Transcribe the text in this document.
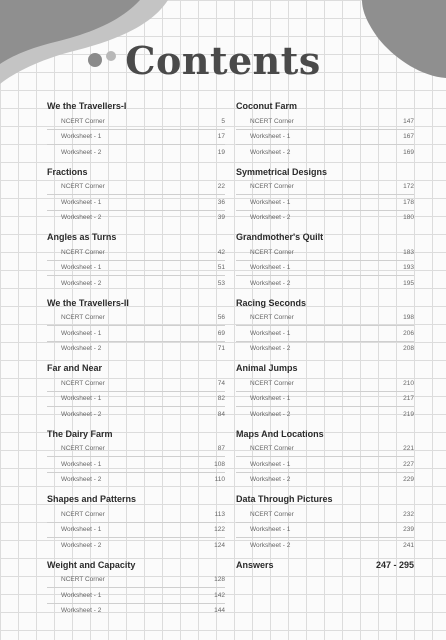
Contents
We the Travellers-I
NCERT Corner	5
Worksheet - 1	17
Worksheet - 2	19
Fractions
NCERT Corner	22
Worksheet - 1	36
Worksheet - 2	39
Angles as Turns
NCERT Corner	42
Worksheet - 1	51
Worksheet - 2	53
We the Travellers-II
NCERT Corner	56
Worksheet - 1	69
Worksheet - 2	71
Far and Near
NCERT Corner	74
Worksheet - 1	82
Worksheet - 2	84
The Dairy Farm
NCERT Corner	87
Worksheet - 1	108
Worksheet - 2	110
Shapes and Patterns
NCERT Corner	113
Worksheet - 1	122
Worksheet - 2	124
Weight and Capacity
NCERT Corner	128
Worksheet - 1	142
Worksheet - 2	144
Coconut Farm
NCERT Corner	147
Worksheet - 1	167
Worksheet - 2	169
Symmetrical Designs
NCERT Corner	172
Worksheet - 1	178
Worksheet - 2	180
Grandmother's Quilt
NCERT Corner	183
Worksheet - 1	193
Worksheet - 2	195
Racing Seconds
NCERT Corner	198
Worksheet - 1	206
Worksheet - 2	208
Animal Jumps
NCERT Corner	210
Worksheet - 1	217
Worksheet - 2	219
Maps And Locations
NCERT Corner	221
Worksheet - 1	227
Worksheet - 2	229
Data Through Pictures
NCERT Corner	232
Worksheet - 1	239
Worksheet - 2	241
Answers	247 - 295
